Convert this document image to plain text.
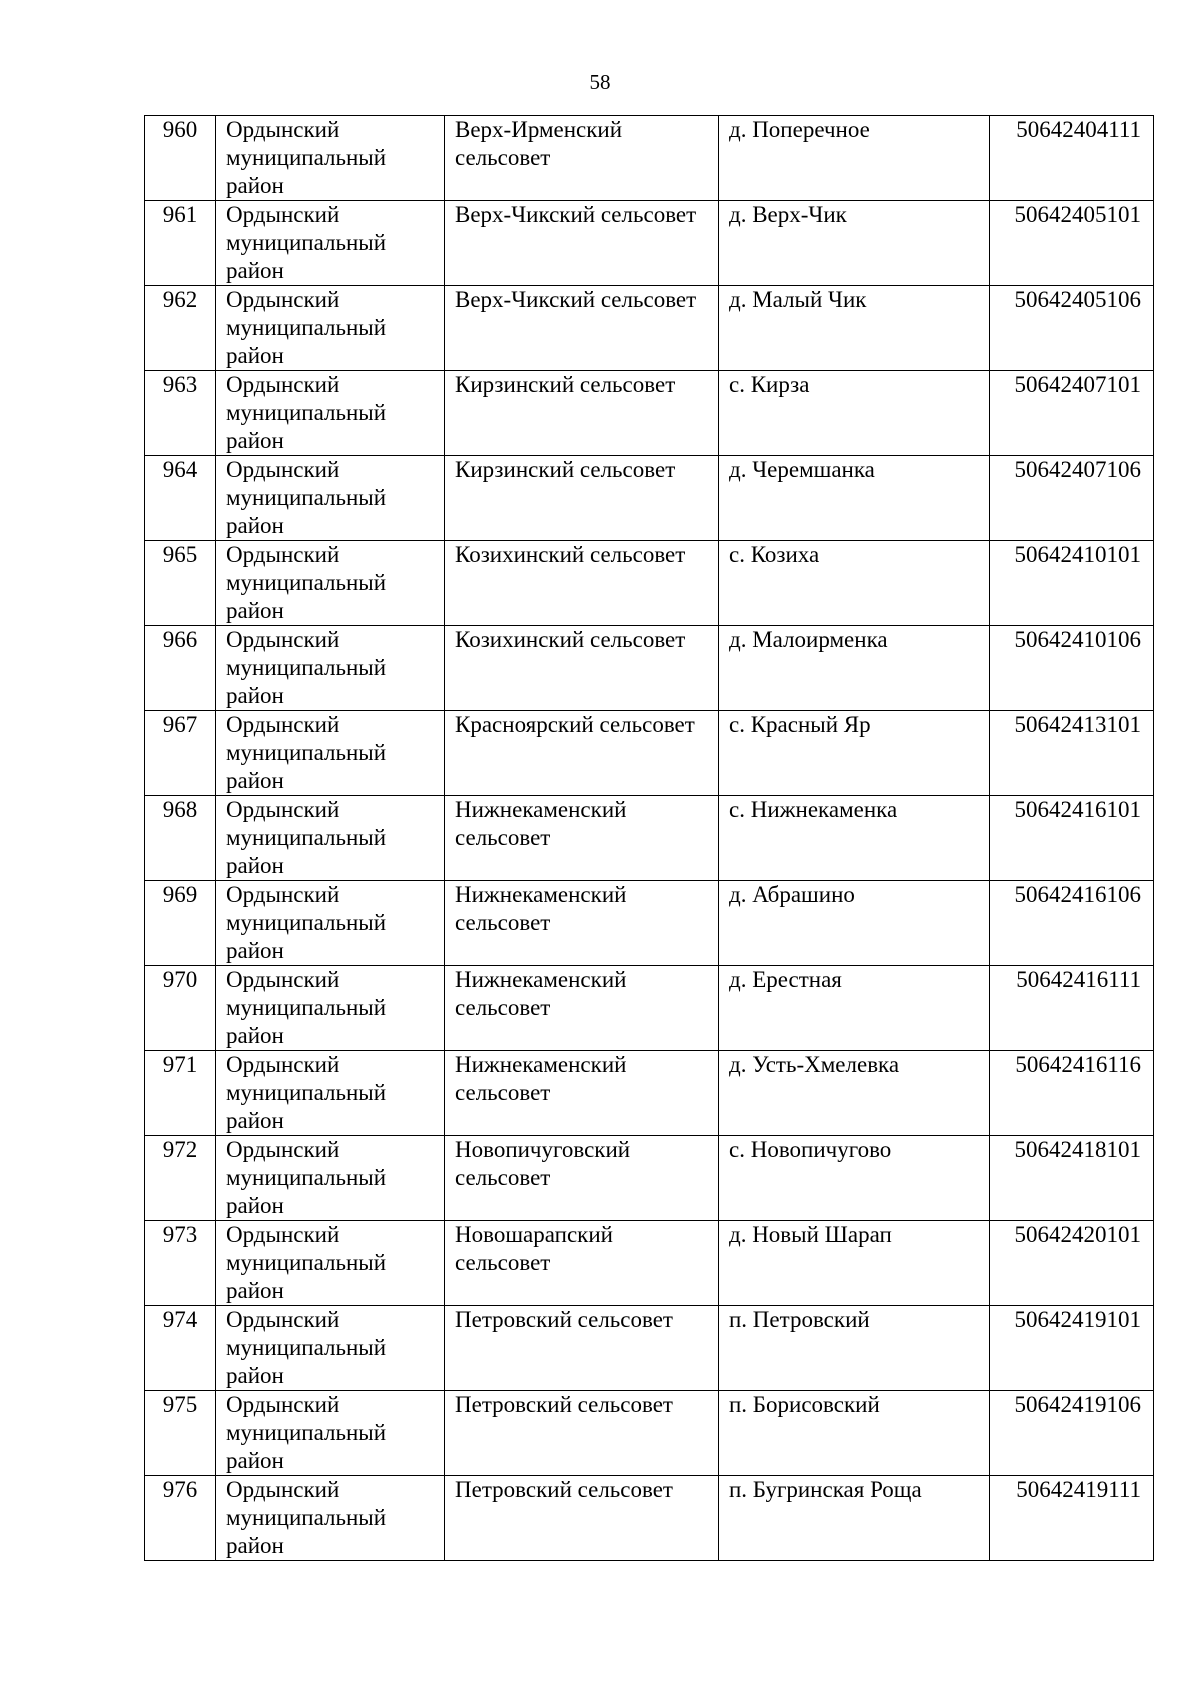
58
960	Ордынский муниципальный район	Верх-Ирменский сельсовет	д. Поперечное	50642404111
961	Ордынский муниципальный район	Верх-Чикский сельсовет	д. Верх-Чик	50642405101
962	Ордынский муниципальный район	Верх-Чикский сельсовет	д. Малый Чик	50642405106
963	Ордынский муниципальный район	Кирзинский сельсовет	с. Кирза	50642407101
964	Ордынский муниципальный район	Кирзинский сельсовет	д. Черемшанка	50642407106
965	Ордынский муниципальный район	Козихинский сельсовет	с. Козиха	50642410101
966	Ордынский муниципальный район	Козихинский сельсовет	д. Малоирменка	50642410106
967	Ордынский муниципальный район	Красноярский сельсовет	с. Красный Яр	50642413101
968	Ордынский муниципальный район	Нижнекаменский сельсовет	с. Нижнекаменка	50642416101
969	Ордынский муниципальный район	Нижнекаменский сельсовет	д. Абрашино	50642416106
970	Ордынский муниципальный район	Нижнекаменский сельсовет	д. Ерестная	50642416111
971	Ордынский муниципальный район	Нижнекаменский сельсовет	д. Усть-Хмелевка	50642416116
972	Ордынский муниципальный район	Новопичуговский сельсовет	с. Новопичугово	50642418101
973	Ордынский муниципальный район	Новошарапский сельсовет	д. Новый Шарап	50642420101
974	Ордынский муниципальный район	Петровский сельсовет	п. Петровский	50642419101
975	Ордынский муниципальный район	Петровский сельсовет	п. Борисовский	50642419106
976	Ордынский муниципальный район	Петровский сельсовет	п. Бугринская Роща	50642419111
